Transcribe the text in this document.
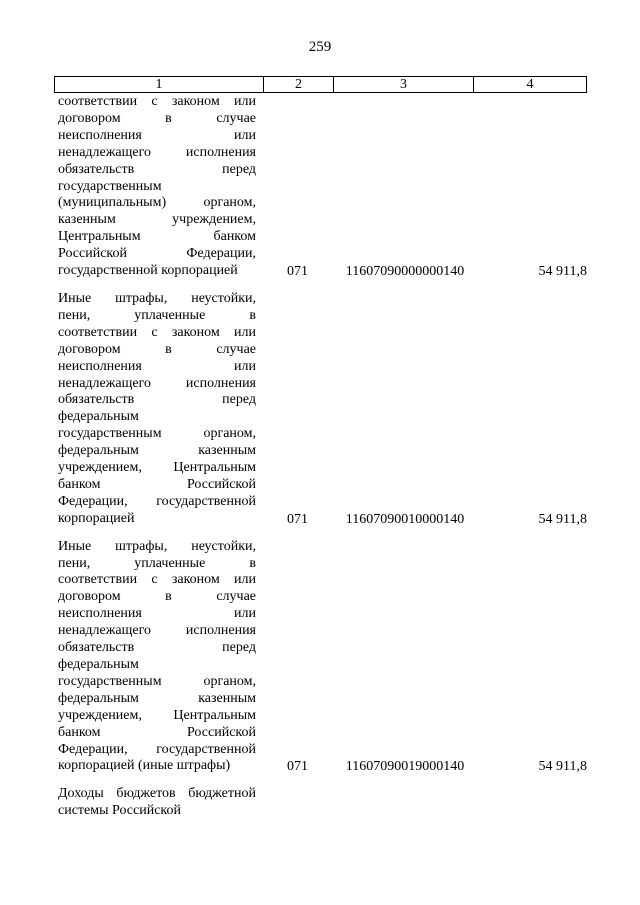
259
1	2	3	4
соответствии с законом или
договором в случае
неисполнения или
ненадлежащего исполнения
обязательств перед
государственным
(муниципальным) органом,
казенным учреждением,
Центральным банком
Российской Федерации,
государственной корпорацией	071	11607090000000140	54 911,8
Иные штрафы, неустойки,
пени, уплаченные в
соответствии с законом или
договором в случае
неисполнения или
ненадлежащего исполнения
обязательств перед
федеральным
государственным органом,
федеральным казенным
учреждением, Центральным
банком Российской
Федерации, государственной
корпорацией	071	11607090010000140	54 911,8
Иные штрафы, неустойки,
пени, уплаченные в
соответствии с законом или
договором в случае
неисполнения или
ненадлежащего исполнения
обязательств перед
федеральным
государственным органом,
федеральным казенным
учреждением, Центральным
банком Российской
Федерации, государственной
корпорацией (иные штрафы)	071	11607090019000140	54 911,8
Доходы бюджетов бюджетной
системы Российской
